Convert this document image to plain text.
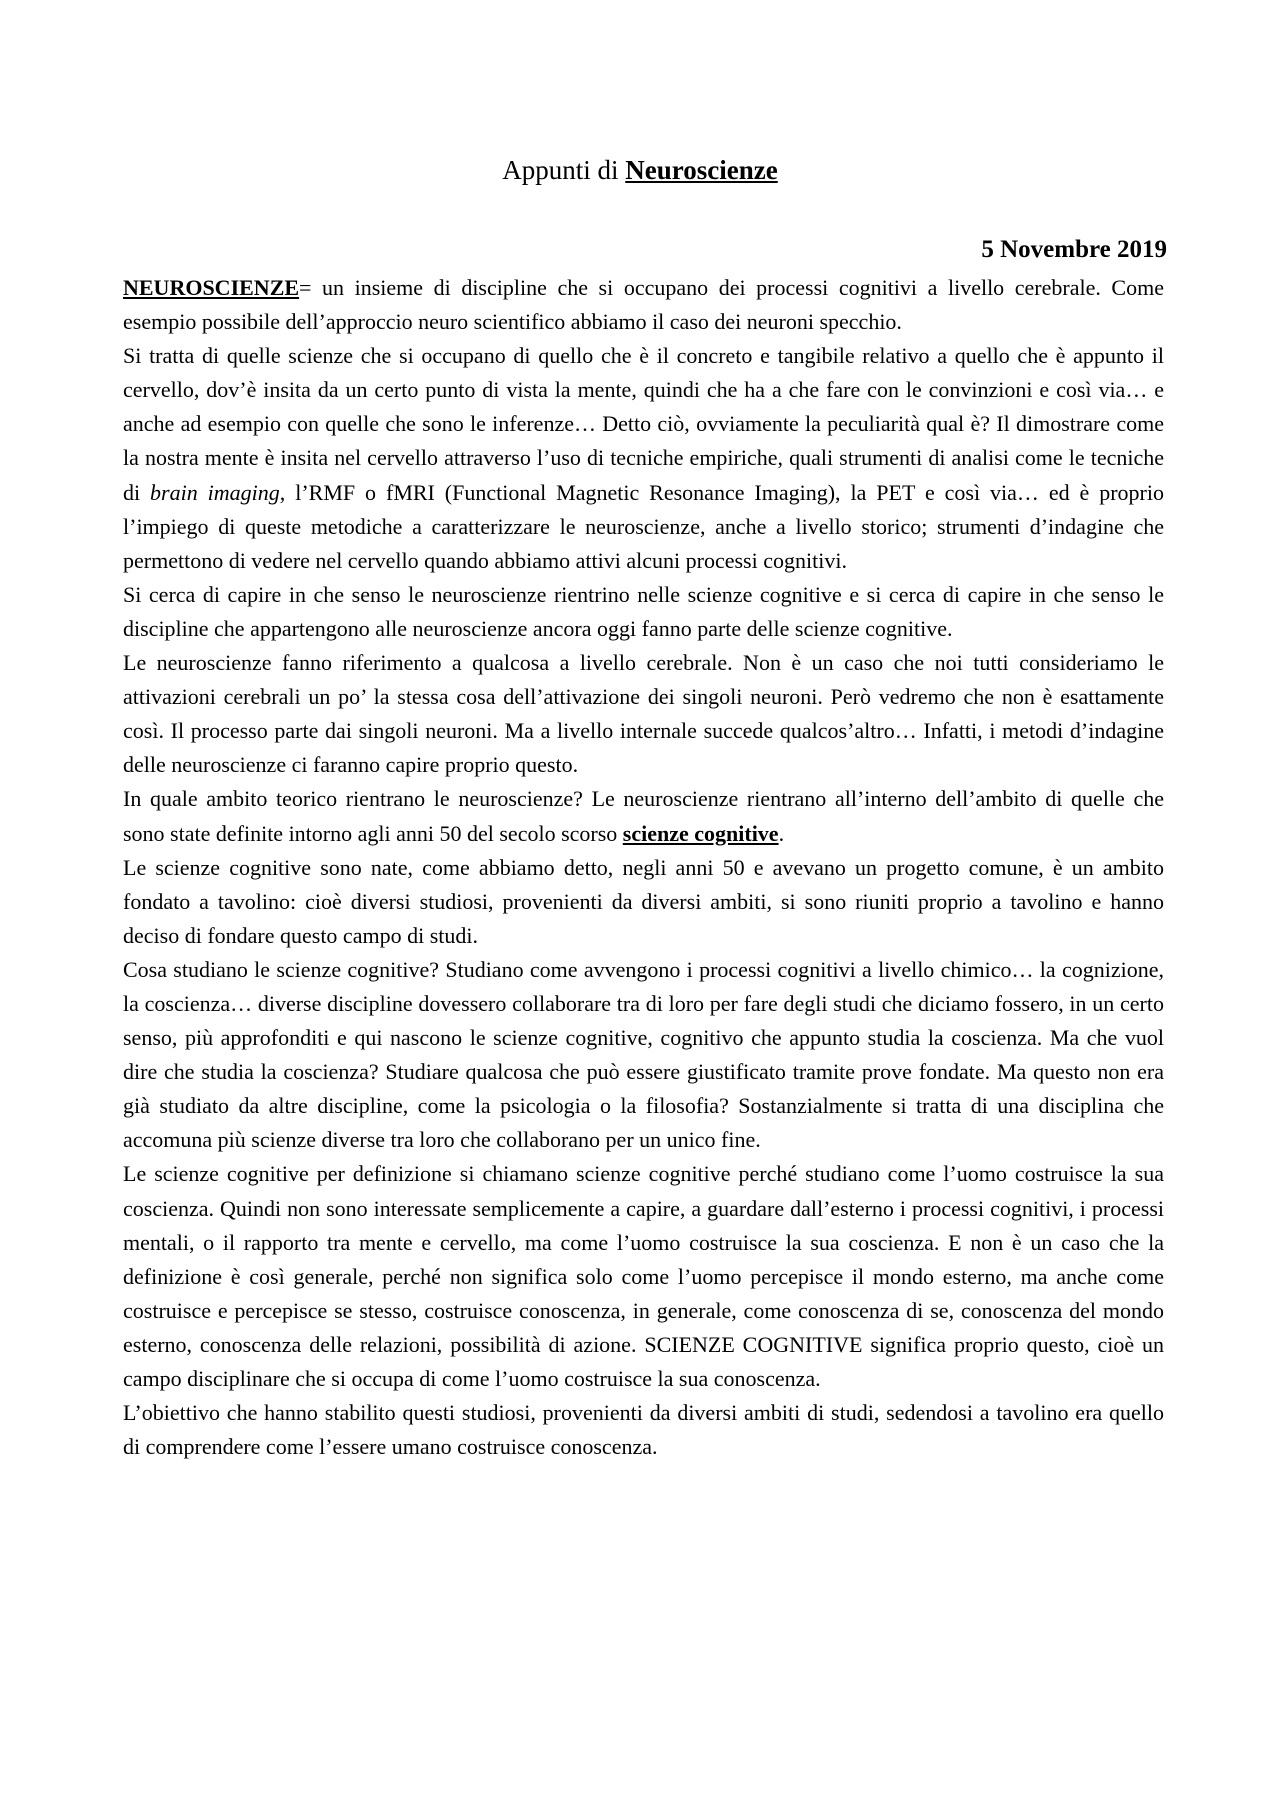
Appunti di Neuroscienze
5 Novembre 2019

NEUROSCIENZE= un insieme di discipline che si occupano dei processi cognitivi a livello cerebrale. Come esempio possibile dell’approccio neuro scientifico abbiamo il caso dei neuroni specchio.

Si tratta di quelle scienze che si occupano di quello che è il concreto e tangibile relativo a quello che è appunto il cervello, dov’è insita da un certo punto di vista la mente, quindi che ha a che fare con le convinzioni e così via… e anche ad esempio con quelle che sono le inferenze… Detto ciò, ovviamente la peculiarità qual è? Il dimostrare come la nostra mente è insita nel cervello attraverso l’uso di tecniche empiriche, quali strumenti di analisi come le tecniche di brain imaging, l’RMF o fMRI (Functional Magnetic Resonance Imaging), la PET e così via… ed è proprio l’impiego di queste metodiche a caratterizzare le neuroscienze, anche a livello storico; strumenti d’indagine che permettono di vedere nel cervello quando abbiamo attivi alcuni processi cognitivi.

Si cerca di capire in che senso le neuroscienze rientrino nelle scienze cognitive e si cerca di capire in che senso le discipline che appartengono alle neuroscienze ancora oggi fanno parte delle scienze cognitive.

Le neuroscienze fanno riferimento a qualcosa a livello cerebrale. Non è un caso che noi tutti consideriamo le attivazioni cerebrali un po’ la stessa cosa dell’attivazione dei singoli neuroni. Però vedremo che non è esattamente così. Il processo parte dai singoli neuroni. Ma a livello internale succede qualcos’altro… Infatti, i metodi d’indagine delle neuroscienze ci faranno capire proprio questo.

In quale ambito teorico rientrano le neuroscienze? Le neuroscienze rientrano all’interno dell’ambito di quelle che sono state definite intorno agli anni 50 del secolo scorso scienze cognitive.

Le scienze cognitive sono nate, come abbiamo detto, negli anni 50 e avevano un progetto comune, è un ambito fondato a tavolino: cioè diversi studiosi, provenienti da diversi ambiti, si sono riuniti proprio a tavolino e hanno deciso di fondare questo campo di studi.

Cosa studiano le scienze cognitive? Studiano come avvengono i processi cognitivi a livello chimico… la cognizione, la coscienza… diverse discipline dovessero collaborare tra di loro per fare degli studi che diciamo fossero, in un certo senso, più approfonditi e qui nascono le scienze cognitive, cognitivo che appunto studia la coscienza. Ma che vuol dire che studia la coscienza? Studiare qualcosa che può essere giustificato tramite prove fondate. Ma questo non era già studiato da altre discipline, come la psicologia o la filosofia? Sostanzialmente si tratta di una disciplina che accomuna più scienze diverse tra loro che collaborano per un unico fine.

Le scienze cognitive per definizione si chiamano scienze cognitive perché studiano come l’uomo costruisce la sua coscienza. Quindi non sono interessate semplicemente a capire, a guardare dall’esterno i processi cognitivi, i processi mentali, o il rapporto tra mente e cervello, ma come l’uomo costruisce la sua coscienza. E non è un caso che la definizione è così generale, perché non significa solo come l’uomo percepisce il mondo esterno, ma anche come costruisce e percepisce se stesso, costruisce conoscenza, in generale, come conoscenza di se, conoscenza del mondo esterno, conoscenza delle relazioni, possibilità di azione. SCIENZE COGNITIVE significa proprio questo, cioè un campo disciplinare che si occupa di come l’uomo costruisce la sua conoscenza.

L’obiettivo che hanno stabilito questi studiosi, provenienti da diversi ambiti di studi, sedendosi a tavolino era quello di comprendere come l’essere umano costruisce conoscenza.
